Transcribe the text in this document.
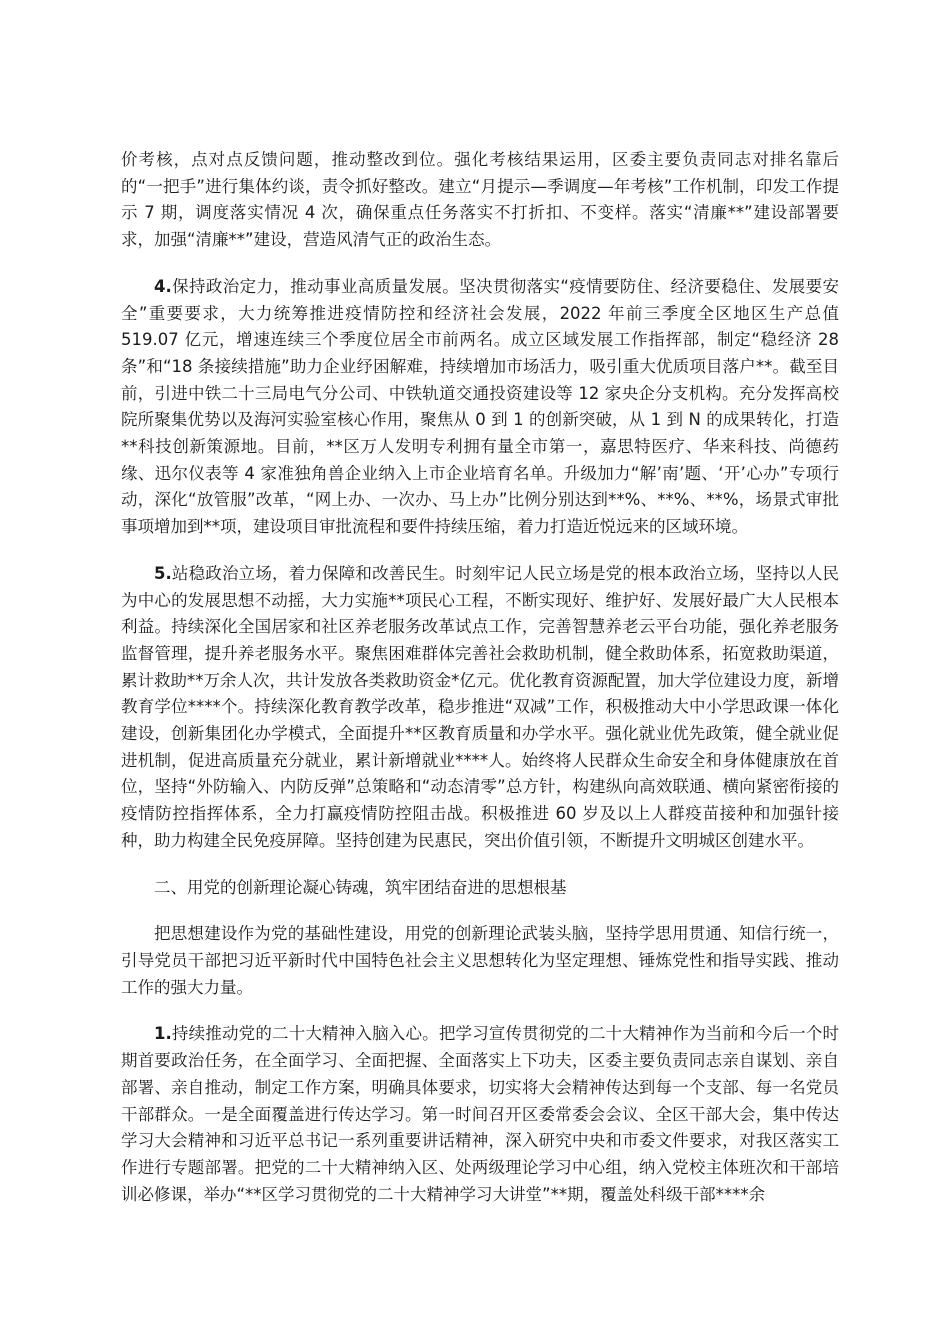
价考核，点对点反馈问题，推动整改到位。强化考核结果运用，区委主要负责同志对排名靠后的“一把手”进行集体约谈，责令抓好整改。建立“月提示—季调度—年考核”工作机制，印发工作提示 7 期，调度落实情况 4 次，确保重点任务落实不打折扣、不变样。落实“清廉**”建设部署要求，加强“清廉**”建设，营造风清气正的政治生态。

4.保持政治定力，推动事业高质量发展。坚决贯彻落实“疫情要防住、经济要稳住、发展要安全”重要要求，大力统筹推进疫情防控和经济社会发展，2022 年前三季度全区地区生产总值 519.07 亿元，增速连续三个季度位居全市前两名。成立区域发展工作指挥部，制定“稳经济 28 条”和“18 条接续措施”助力企业纾困解难，持续增加市场活力，吸引重大优质项目落户**。截至目前，引进中铁二十三局电气分公司、中铁轨道交通投资建设等 12 家央企分支机构。充分发挥高校院所聚集优势以及海河实验室核心作用，聚焦从 0 到 1 的创新突破，从 1 到 N 的成果转化，打造**科技创新策源地。目前，**区万人发明专利拥有量全市第一，嘉思特医疗、华来科技、尚德药缘、迅尔仪表等 4 家准独角兽企业纳入上市企业培育名单。升级加力“解’南’题、‘开’心办”专项行动，深化“放管服”改革，“网上办、一次办、马上办”比例分别达到**%、**%、**%，场景式审批事项增加到**项，建设项目审批流程和要件持续压缩，着力打造近悦远来的区域环境。

5.站稳政治立场，着力保障和改善民生。时刻牢记人民立场是党的根本政治立场，坚持以人民为中心的发展思想不动摇，大力实施**项民心工程，不断实现好、维护好、发展好最广大人民根本利益。持续深化全国居家和社区养老服务改革试点工作，完善智慧养老云平台功能，强化养老服务监督管理，提升养老服务水平。聚焦困难群体完善社会救助机制，健全救助体系，拓宽救助渠道，累计救助**万余人次，共计发放各类救助资金*亿元。优化教育资源配置，加大学位建设力度，新增教育学位****个。持续深化教育教学改革，稳步推进“双减”工作，积极推动大中小学思政课一体化建设，创新集团化办学模式，全面提升**区教育质量和办学水平。强化就业优先政策，健全就业促进机制，促进高质量充分就业，累计新增就业****人。始终将人民群众生命安全和身体健康放在首位，坚持“外防输入、内防反弹”总策略和“动态清零”总方针，构建纵向高效联通、横向紧密衔接的疫情防控指挥体系，全力打赢疫情防控阻击战。积极推进 60 岁及以上人群疫苗接种和加强针接种，助力构建全民免疫屏障。坚持创建为民惠民，突出价值引领，不断提升文明城区创建水平。

二、用党的创新理论凝心铸魂，筑牢团结奋进的思想根基

把思想建设作为党的基础性建设，用党的创新理论武装头脑，坚持学思用贯通、知信行统一，引导党员干部把习近平新时代中国特色社会主义思想转化为坚定理想、锤炼党性和指导实践、推动工作的强大力量。

1.持续推动党的二十大精神入脑入心。把学习宣传贯彻党的二十大精神作为当前和今后一个时期首要政治任务，在全面学习、全面把握、全面落实上下功夫，区委主要负责同志亲自谋划、亲自部署、亲自推动，制定工作方案，明确具体要求，切实将大会精神传达到每一个支部、每一名党员干部群众。一是全面覆盖进行传达学习。第一时间召开区委常委会会议、全区干部大会，集中传达学习大会精神和习近平总书记一系列重要讲话精神，深入研究中央和市委文件要求，对我区落实工作进行专题部署。把党的二十大精神纳入区、处两级理论学习中心组，纳入党校主体班次和干部培训必修课，举办“**区学习贯彻党的二十大精神学习大讲堂”**期，覆盖处科级干部****余
